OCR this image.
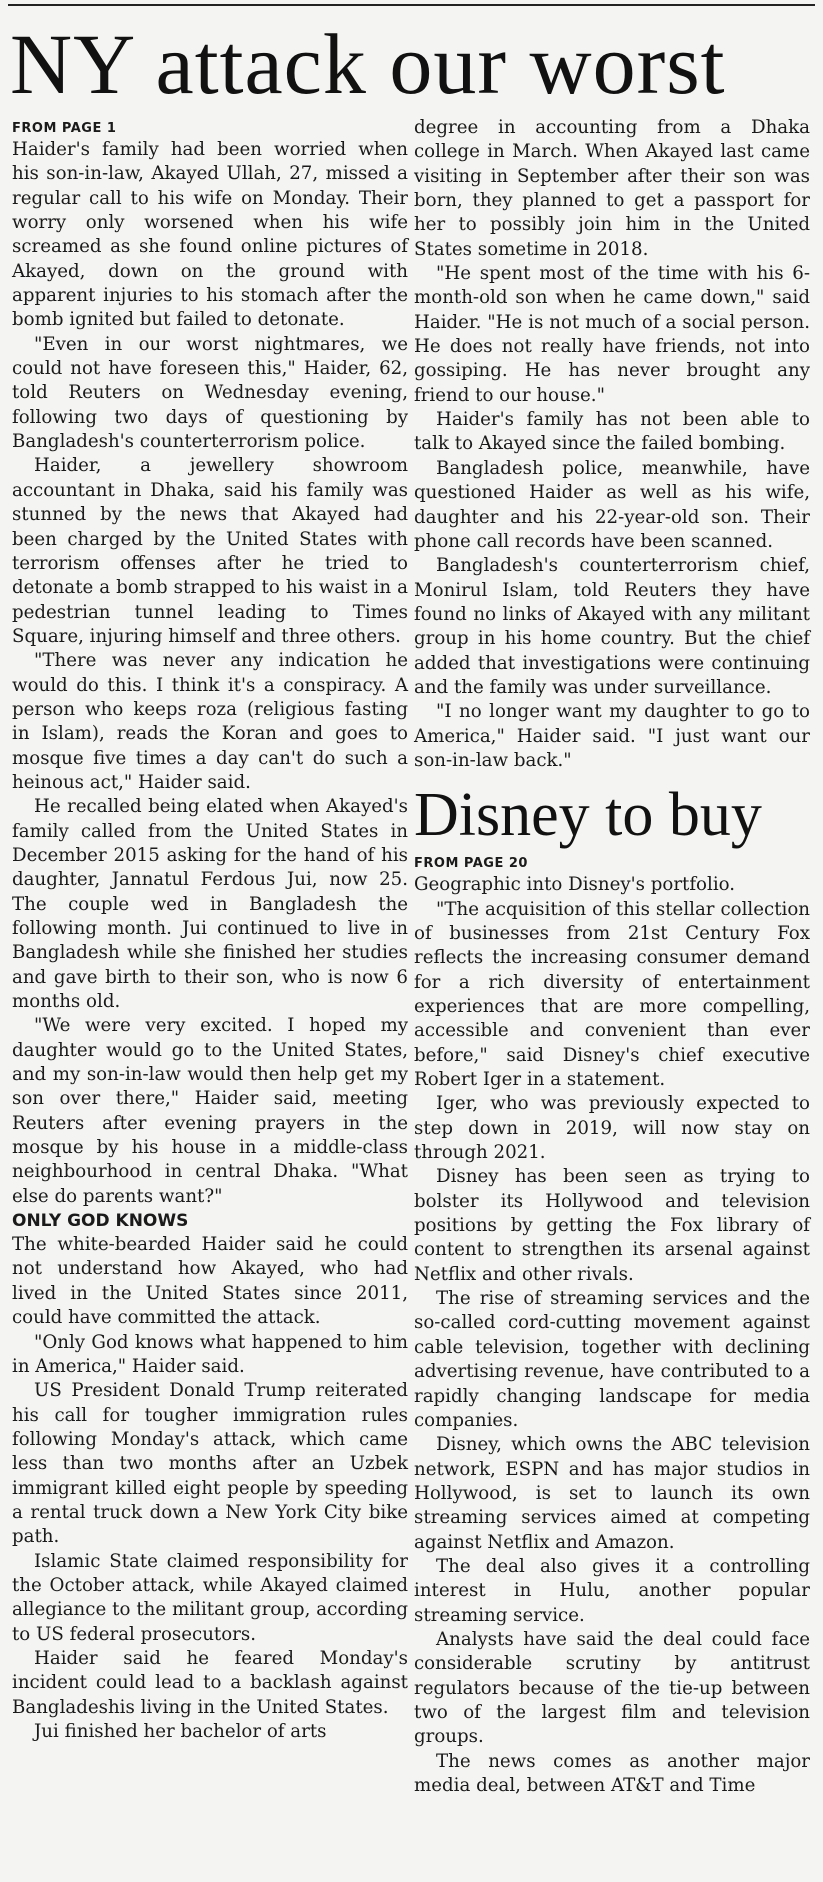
NY attack our worst
FROM PAGE 1

Haider's family had been worried when his son-in-law, Akayed Ullah, 27, missed a regular call to his wife on Monday. Their worry only worsened when his wife screamed as she found online pictures of Akayed, down on the ground with apparent injuries to his stomach after the bomb ignited but failed to detonate.

"Even in our worst nightmares, we could not have foreseen this," Haider, 62, told Reuters on Wednesday evening, following two days of questioning by Bangladesh's counterterrorism police.

Haider, a jewellery showroom accountant in Dhaka, said his family was stunned by the news that Akayed had been charged by the United States with terrorism offenses after he tried to detonate a bomb strapped to his waist in a pedestrian tunnel leading to Times Square, injuring himself and three others.

"There was never any indication he would do this. I think it's a conspiracy. A person who keeps roza (religious fasting in Islam), reads the Koran and goes to mosque five times a day can't do such a heinous act," Haider said.

He recalled being elated when Akayed's family called from the United States in December 2015 asking for the hand of his daughter, Jannatul Ferdous Jui, now 25. The couple wed in Bangladesh the following month. Jui continued to live in Bangladesh while she finished her studies and gave birth to their son, who is now 6 months old.

"We were very excited. I hoped my daughter would go to the United States, and my son-in-law would then help get my son over there," Haider said, meeting Reuters after evening prayers in the mosque by his house in a middle-class neighbourhood in central Dhaka. "What else do parents want?"

ONLY GOD KNOWS

The white-bearded Haider said he could not understand how Akayed, who had lived in the United States since 2011, could have committed the attack.

"Only God knows what happened to him in America," Haider said.

US President Donald Trump reiterated his call for tougher immigration rules following Monday's attack, which came less than two months after an Uzbek immigrant killed eight people by speeding a rental truck down a New York City bike path.

Islamic State claimed responsibility for the October attack, while Akayed claimed allegiance to the militant group, according to US federal prosecutors.

Haider said he feared Monday's incident could lead to a backlash against Bangladeshis living in the United States.

Jui finished her bachelor of arts

degree in accounting from a Dhaka college in March. When Akayed last came visiting in September after their son was born, they planned to get a passport for her to possibly join him in the United States sometime in 2018.

"He spent most of the time with his 6-month-old son when he came down," said Haider. "He is not much of a social person. He does not really have friends, not into gossiping. He has never brought any friend to our house."

Haider's family has not been able to talk to Akayed since the failed bombing.

Bangladesh police, meanwhile, have questioned Haider as well as his wife, daughter and his 22-year-old son. Their phone call records have been scanned.

Bangladesh's counterterrorism chief, Monirul Islam, told Reuters they have found no links of Akayed with any militant group in his home country. But the chief added that investigations were continuing and the family was under surveillance.

"I no longer want my daughter to go to America," Haider said. "I just want our son-in-law back."

Disney to buy
FROM PAGE 20

Geographic into Disney's portfolio.

"The acquisition of this stellar collection of businesses from 21st Century Fox reflects the increasing consumer demand for a rich diversity of entertainment experiences that are more compelling, accessible and convenient than ever before," said Disney's chief executive Robert Iger in a statement.

Iger, who was previously expected to step down in 2019, will now stay on through 2021.

Disney has been seen as trying to bolster its Hollywood and television positions by getting the Fox library of content to strengthen its arsenal against Netflix and other rivals.

The rise of streaming services and the so-called cord-cutting movement against cable television, together with declining advertising revenue, have contributed to a rapidly changing landscape for media companies.

Disney, which owns the ABC television network, ESPN and has major studios in Hollywood, is set to launch its own streaming services aimed at competing against Netflix and Amazon.

The deal also gives it a controlling interest in Hulu, another popular streaming service.

Analysts have said the deal could face considerable scrutiny by antitrust regulators because of the tie-up between two of the largest film and television groups.

The news comes as another major media deal, between AT&T and Time
